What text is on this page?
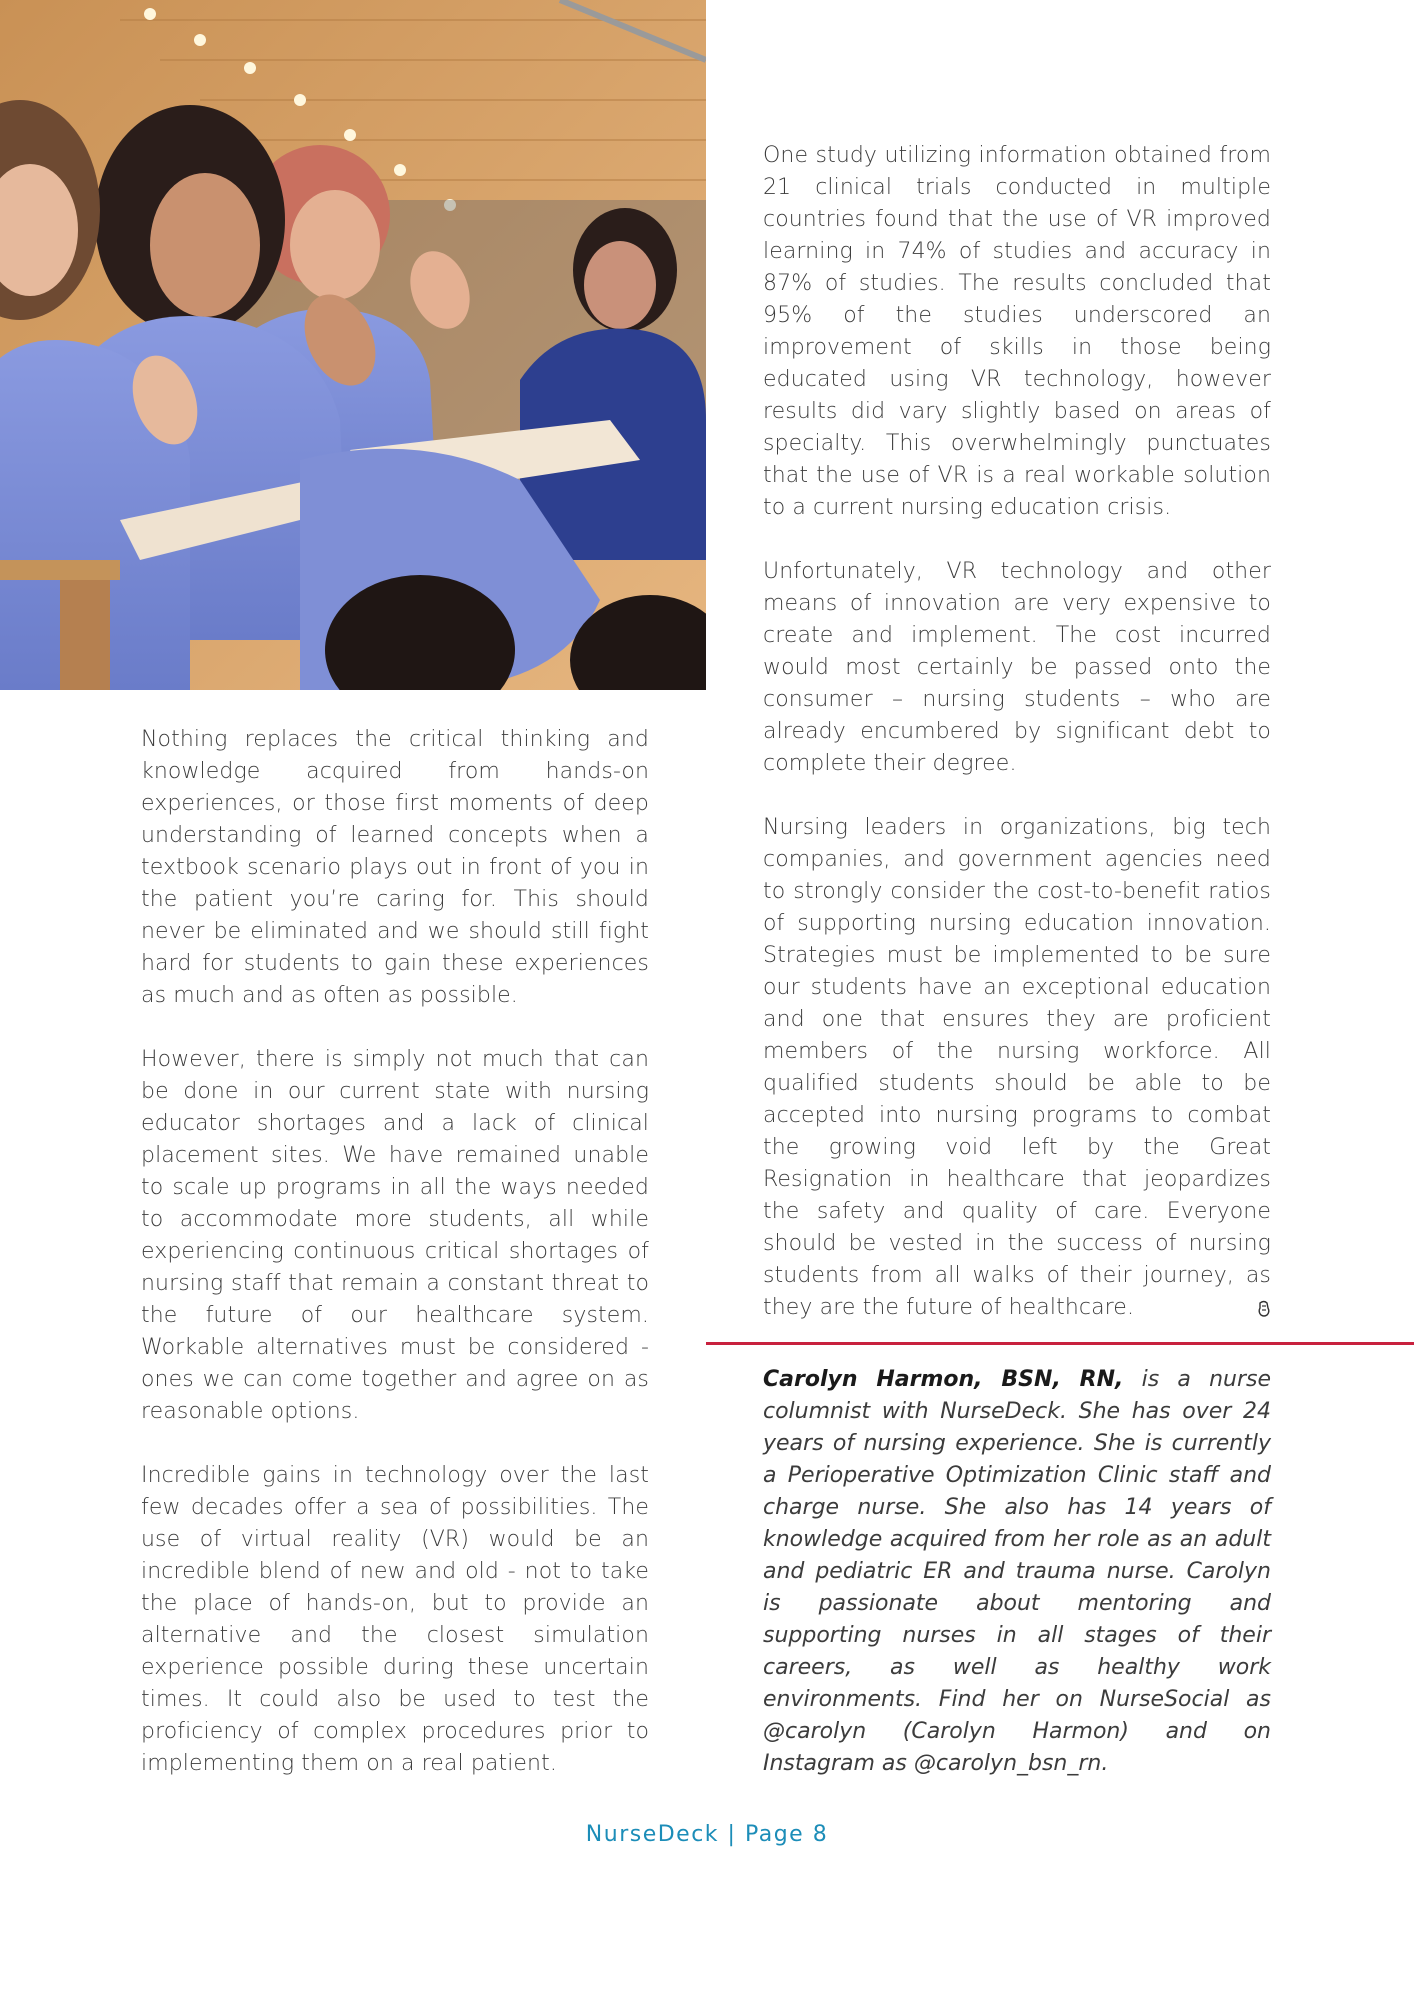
Nothing replaces the critical thinking and knowledge acquired from hands-on experiences, or those first moments of deep understanding of learned concepts when a textbook scenario plays out in front of you in the patient you’re caring for. This should never be eliminated and we should still fight hard for students to gain these experiences as much and as often as possible.

However, there is simply not much that can be done in our current state with nursing educator shortages and a lack of clinical placement sites. We have remained unable to scale up programs in all the ways needed to accommodate more students, all while experiencing continuous critical shortages of nursing staff that remain a constant threat to the future of our healthcare system. Workable alternatives must be considered - ones we can come together and agree on as reasonable options.

Incredible gains in technology over the last few decades offer a sea of possibilities. The use of virtual reality (VR) would be an incredible blend of new and old - not to take the place of hands-on, but to provide an alternative and the closest simulation experience possible during these uncertain times. It could also be used to test the proficiency of complex procedures prior to implementing them on a real patient.

One study utilizing information obtained from 21 clinical trials conducted in multiple countries found that the use of VR improved learning in 74% of studies and accuracy in 87% of studies. The results concluded that 95% of the studies underscored an improvement of skills in those being educated using VR technology, however results did vary slightly based on areas of specialty. This overwhelmingly punctuates that the use of VR is a real workable solution to a current nursing education crisis.

Unfortunately, VR technology and other means of innovation are very expensive to create and implement. The cost incurred would most certainly be passed onto the consumer – nursing students – who are already encumbered by significant debt to complete their degree.

Nursing leaders in organizations, big tech companies, and government agencies need to strongly consider the cost-to-benefit ratios of supporting nursing education innovation. Strategies must be implemented to be sure our students have an exceptional education and one that ensures they are proficient members of the nursing workforce. All qualified students should be able to be accepted into nursing programs to combat the growing void left by the Great Resignation in healthcare that jeopardizes the safety and quality of care. Everyone should be vested in the success of nursing students from all walks of their journey, as they are the future of healthcare.

Carolyn Harmon, BSN, RN, is a nurse columnist with NurseDeck. She has over 24 years of nursing experience. She is currently a Perioperative Optimization Clinic staff and charge nurse. She also has 14 years of knowledge acquired from her role as an adult and pediatric ER and trauma nurse. Carolyn is passionate about mentoring and supporting nurses in all stages of their careers, as well as healthy work environments. Find her on NurseSocial as @carolyn (Carolyn Harmon) and on Instagram as @carolyn_bsn_rn.
NurseDeck | Page 8
